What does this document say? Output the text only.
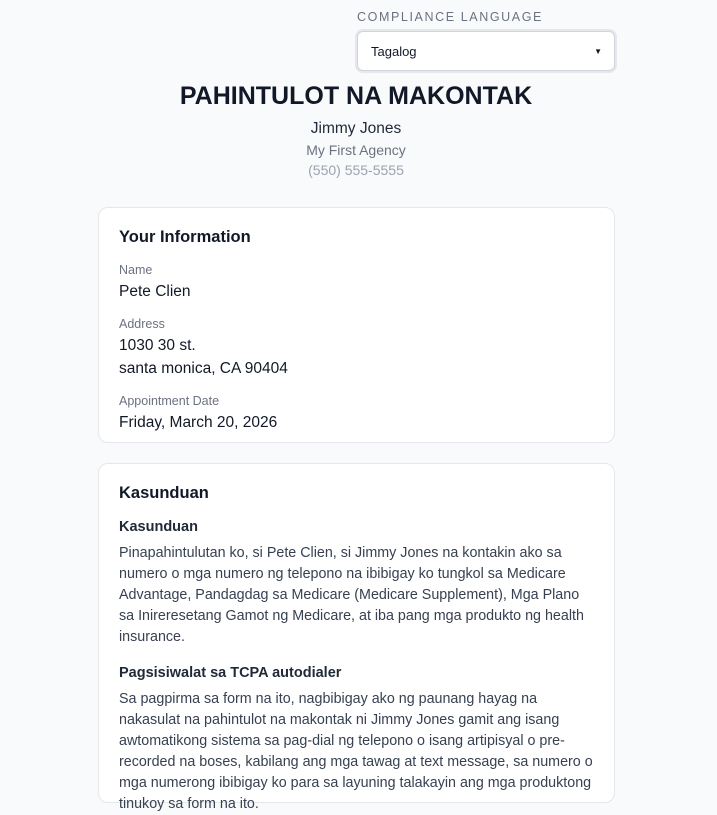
COMPLIANCE LANGUAGE
Tagalog	▼
PAHINTULOT NA MAKONTAK
Jimmy Jones
My First Agency
(550) 555-5555
Your Information
Name
Pete Clien
Address
1030 30 st.
santa monica, CA 90404
Appointment Date
Friday, March 20, 2026
Kasunduan
Kasunduan

Pinapahintulutan ko, si Pete Clien, si Jimmy Jones na kontakin ako sa numero o mga numero ng telepono na ibibigay ko tungkol sa Medicare Advantage, Pandagdag sa Medicare (Medicare Supplement), Mga Plano sa Inireresetang Gamot ng Medicare, at iba pang mga produkto ng health insurance.

Pagsisiwalat sa TCPA autodialer

Sa pagpirma sa form na ito, nagbibigay ako ng paunang hayag na nakasulat na pahintulot na makontak ni Jimmy Jones gamit ang isang awtomatikong sistema sa pag-dial ng telepono o isang artipisyal o pre-recorded na boses, kabilang ang mga tawag at text message, sa numero o mga numerong ibibigay ko para sa layuning talakayin ang mga produktong tinukoy sa form na ito.
